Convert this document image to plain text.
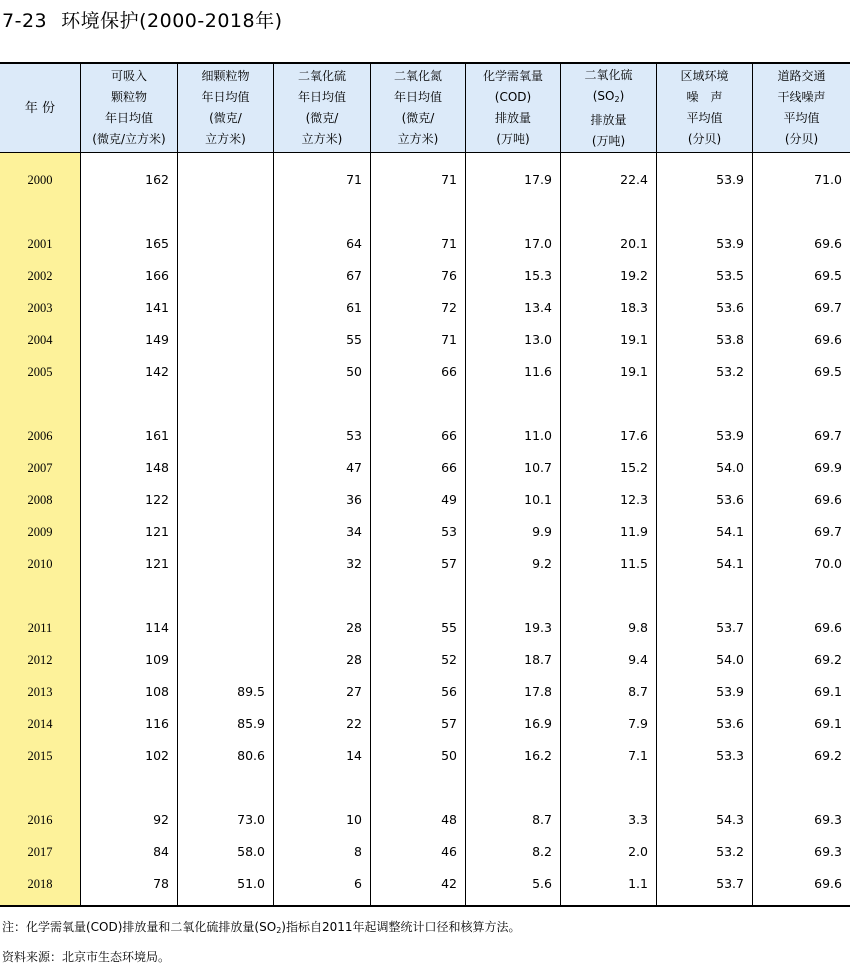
7-23 环境保护(2000-2018年)
年 份
可吸入
颗粒物
年日均值
(微克/立方米)
细颗粒物
年日均值
(微克/
立方米)
二氧化硫
年日均值
(微克/
立方米)
二氧化氮
年日均值
(微克/
立方米)
化学需氧量
(COD)
排放量
(万吨)
二氧化硫
$(SO_2)$
排放量
(万吨)
区域环境
噪　声
平均值
(分贝)
道路交通
干线噪声
平均值
(分贝)
2000
2001
2002
2003
2004
2005
2006
2007
2008
2009
2010
2011
2012
2013
2014
2015
2016
2017
2018
162
165
166
141
149
142
161
148
122
121
121
114
109
108
116
102
92
84
78
89.5
85.9
80.6
73.0
58.0
51.0
71
64
67
61
55
50
53
47
36
34
32
28
28
27
22
14
10
8
6
71
71
76
72
71
66
66
66
49
53
57
55
52
56
57
50
48
46
42
17.9
17.0
15.3
13.4
13.0
11.6
11.0
10.7
10.1
9.9
9.2
19.3
18.7
17.8
16.9
16.2
8.7
8.2
5.6
22.4
20.1
19.2
18.3
19.1
19.1
17.6
15.2
12.3
11.9
11.5
9.8
9.4
8.7
7.9
7.1
3.3
2.0
1.1
53.9
53.9
53.5
53.6
53.8
53.2
53.9
54.0
53.6
54.1
54.1
53.7
54.0
53.9
53.6
53.3
54.3
53.2
53.7
71.0
69.6
69.5
69.7
69.6
69.5
69.7
69.9
69.6
69.7
70.0
69.6
69.2
69.1
69.1
69.2
69.3
69.3
69.6
注：化学需氧量(COD)排放量和二氧化硫排放量$(SO_2)$指标自2011年起调整统计口径和核算方法。
资料来源：北京市生态环境局。
